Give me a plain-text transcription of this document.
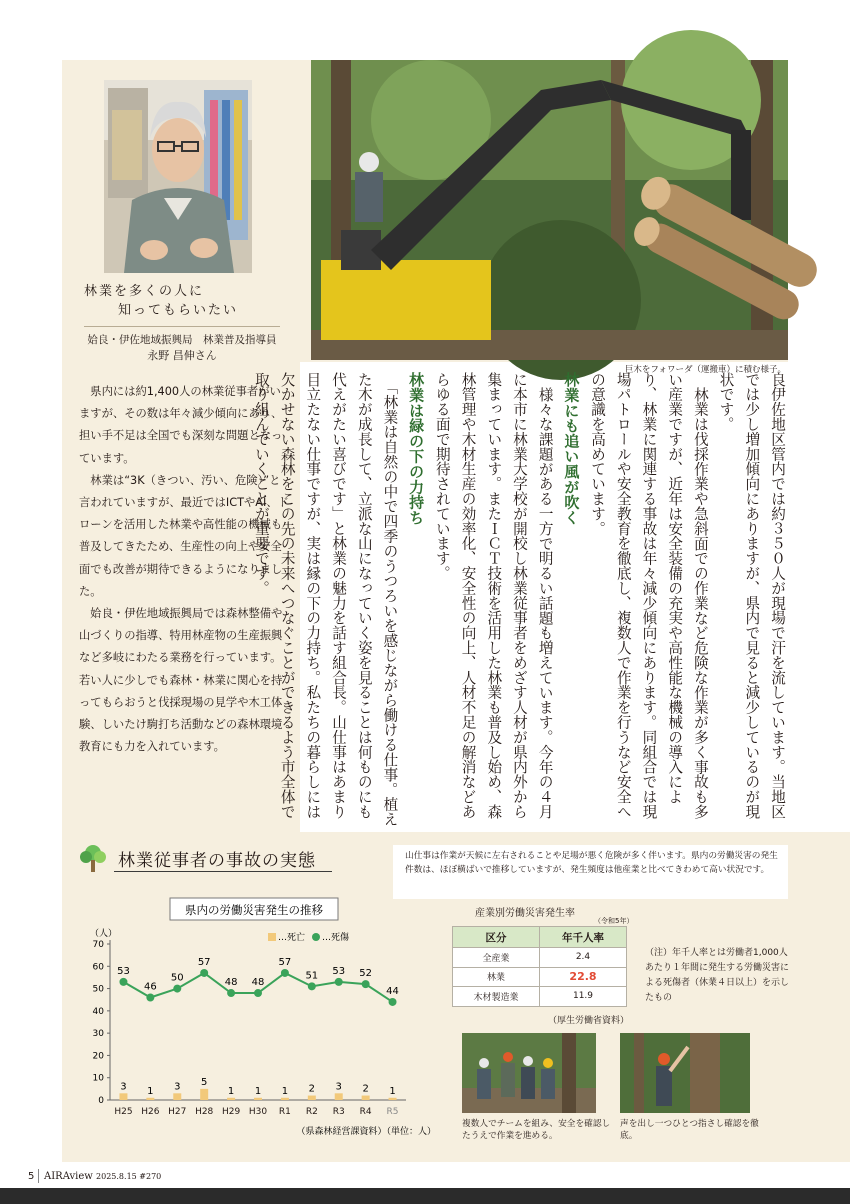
林業を多くの人に
知ってもらいたい
姶良・伊佐地域振興局　林業普及指導員
永野 昌伸さん

県内には約1,400人の林業従事者がいますが、その数は年々減少傾向にあり、担い手不足は全国でも深刻な問題となっています。

林業は“3K（きつい、汚い、危険）”と言われていますが、最近ではICTやAI、ドローンを活用した林業や高性能の機械も普及してきたため、生産性の向上や安全面でも改善が期待できるようになりました。

姶良・伊佐地域振興局では森林整備や山づくりの指導、特用林産物の生産振興など多岐にわたる業務を行っています。若い人に少しでも森林・林業に関心を持ってもらおうと伐採現場の見学や木工体験、しいたけ駒打ち活動などの森林環境教育にも力を入れています。

巨木をフォワーダ（運搬車）に積む様子。
良伊佐地区管内では約３５０人が現場で汗を流しています。当地区では少し増加傾向にありますが、県内で見ると減少しているのが現状です。
　林業は伐採作業や急斜面での作業など危険な作業が多く事故も多い産業ですが、近年は安全装備の充実や高性能な機械の導入により、林業に関連する事故は年々減少傾向にあります。同組合では現場パトロールや安全教育を徹底し、複数人で作業を行うなど安全への意識を高めています。
林業にも追い風が吹く
　様々な課題がある一方で明るい話題も増えています。今年の４月に本市に林業大学校が開校し林業従事者をめざす人材が県内外から集まっています。またＩＣＴ技術を活用した林業も普及し始め、森林管理や木材生産の効率化、安全性の向上、人材不足の解消などあらゆる面で期待されています。
林業は緑の下の力持ち
　「林業は自然の中で四季のうつろいを感じながら働ける仕事。植えた木が成長して、立派な山になっていく姿を見ることは何ものにも代えがたい喜びです」と林業の魅力を話す組合長。山仕事はあまり目立たない仕事ですが、実は縁の下の力持ち。私たちの暮らしには欠かせない森林をこの先の未来へつなぐことができるよう市全体で取り組んでいくことが重要です。
林業従事者の事故の実態	山仕事は作業が天候に左右されることや足場が悪く危険が多く伴います。県内の労働災害の発生件数は、ほぼ横ばいで推移していますが、発生頻度は他産業と比べてきわめて高い状況です。
県内の労働災害発生の推移
（人）	…死亡 …死傷
0
10
20
30
40
50
60
70
H25 H26 H27 H28 H29 H30 R1 R2 R3 R4 R5
3 1 3 5
1 1 1 2 3 2 1
53
46
50
57
48 48
57
51 53 52
44
（県森林経営課資料）（単位：人）
産業別労働災害発生率
（令和5年）
区分	年千人率
全産業	2.4
林業	22.8
木材製造業	11.9
（厚生労働省資料）
（注）年千人率とは労働者1,000人あたり１年間に発生する労働災害による死傷者（休業４日以上）を示したもの
複数人でチームを組み、安全を確認したうえで作業を進める。
声を出し一つひとつ指さし確認を徹底。
5 AIRAview 2025.8.15 #270
